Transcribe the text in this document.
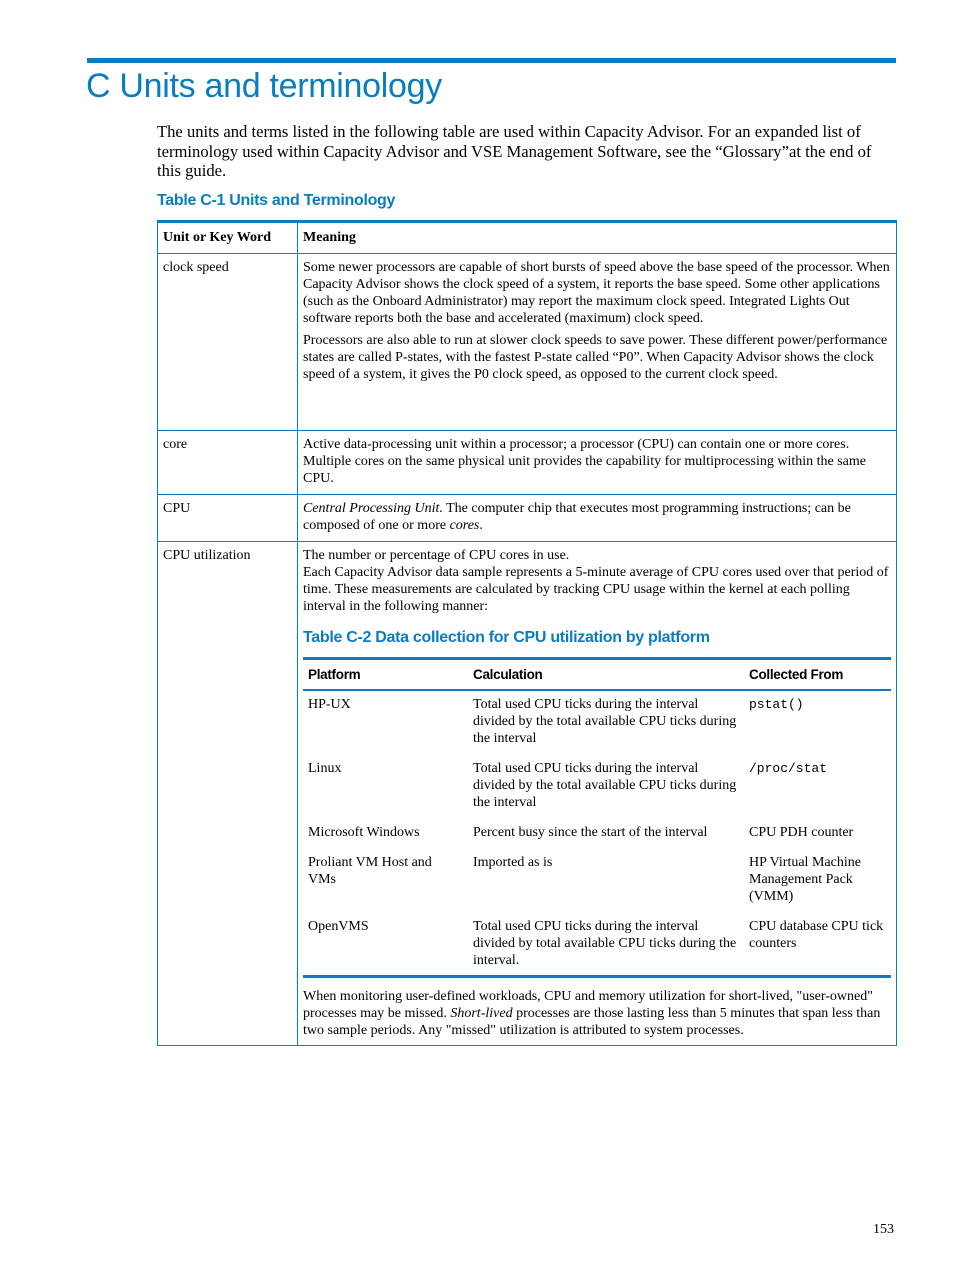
C Units and terminology

The units and terms listed in the following table are used within Capacity Advisor. For an expanded list of terminology used within Capacity Advisor and VSE Management Software, see the “Glossary”at the end of this guide.

Table C-1 Units and Terminology
Unit or Key Word	Meaning
clock speed	Some newer processors are capable of short bursts of speed above the base speed of the processor. When Capacity Advisor shows the clock speed of a system, it reports the base speed. Some other applications (such as the Onboard Administrator) may report the maximum clock speed. Integrated Lights Out software reports both the base and accelerated (maximum) clock speed.

Processors are also able to run at slower clock speeds to save power. These different power/performance states are called P-states, with the fastest P-state called “P0”. When Capacity Advisor shows the clock speed of a system, it gives the P0 clock speed, as opposed to the current clock speed.

core	Active data-processing unit within a processor; a processor (CPU) can contain one or more cores. Multiple cores on the same physical unit provides the capability for multiprocessing within the same CPU.

CPU	Central Processing Unit. The computer chip that executes most programming instructions; can be composed of one or more cores.

CPU utilization	The number or percentage of CPU cores in use.

Each Capacity Advisor data sample represents a 5-minute average of CPU cores used over that period of time. These measurements are calculated by tracking CPU usage within the kernel at each polling interval in the following manner:

Table C-2 Data collection for CPU utilization by platform
Platform	Calculation	Collected From
HP-UX	Total used CPU ticks during the interval divided by the total available CPU ticks during the interval	pstat()
Linux	Total used CPU ticks during the interval divided by the total available CPU ticks during the interval	/proc/stat
Microsoft Windows	Percent busy since the start of the interval	CPU PDH counter
Proliant VM Host and VMs	Imported as is	HP Virtual Machine Management Pack (VMM)
OpenVMS	Total used CPU ticks during the interval divided by total available CPU ticks during the interval.	CPU database CPU tick counters

When monitoring user-defined workloads, CPU and memory utilization for short-lived, "user-owned" processes may be missed. Short-lived processes are those lasting less than 5 minutes that span less than two sample periods. Any "missed" utilization is attributed to system processes.

153
